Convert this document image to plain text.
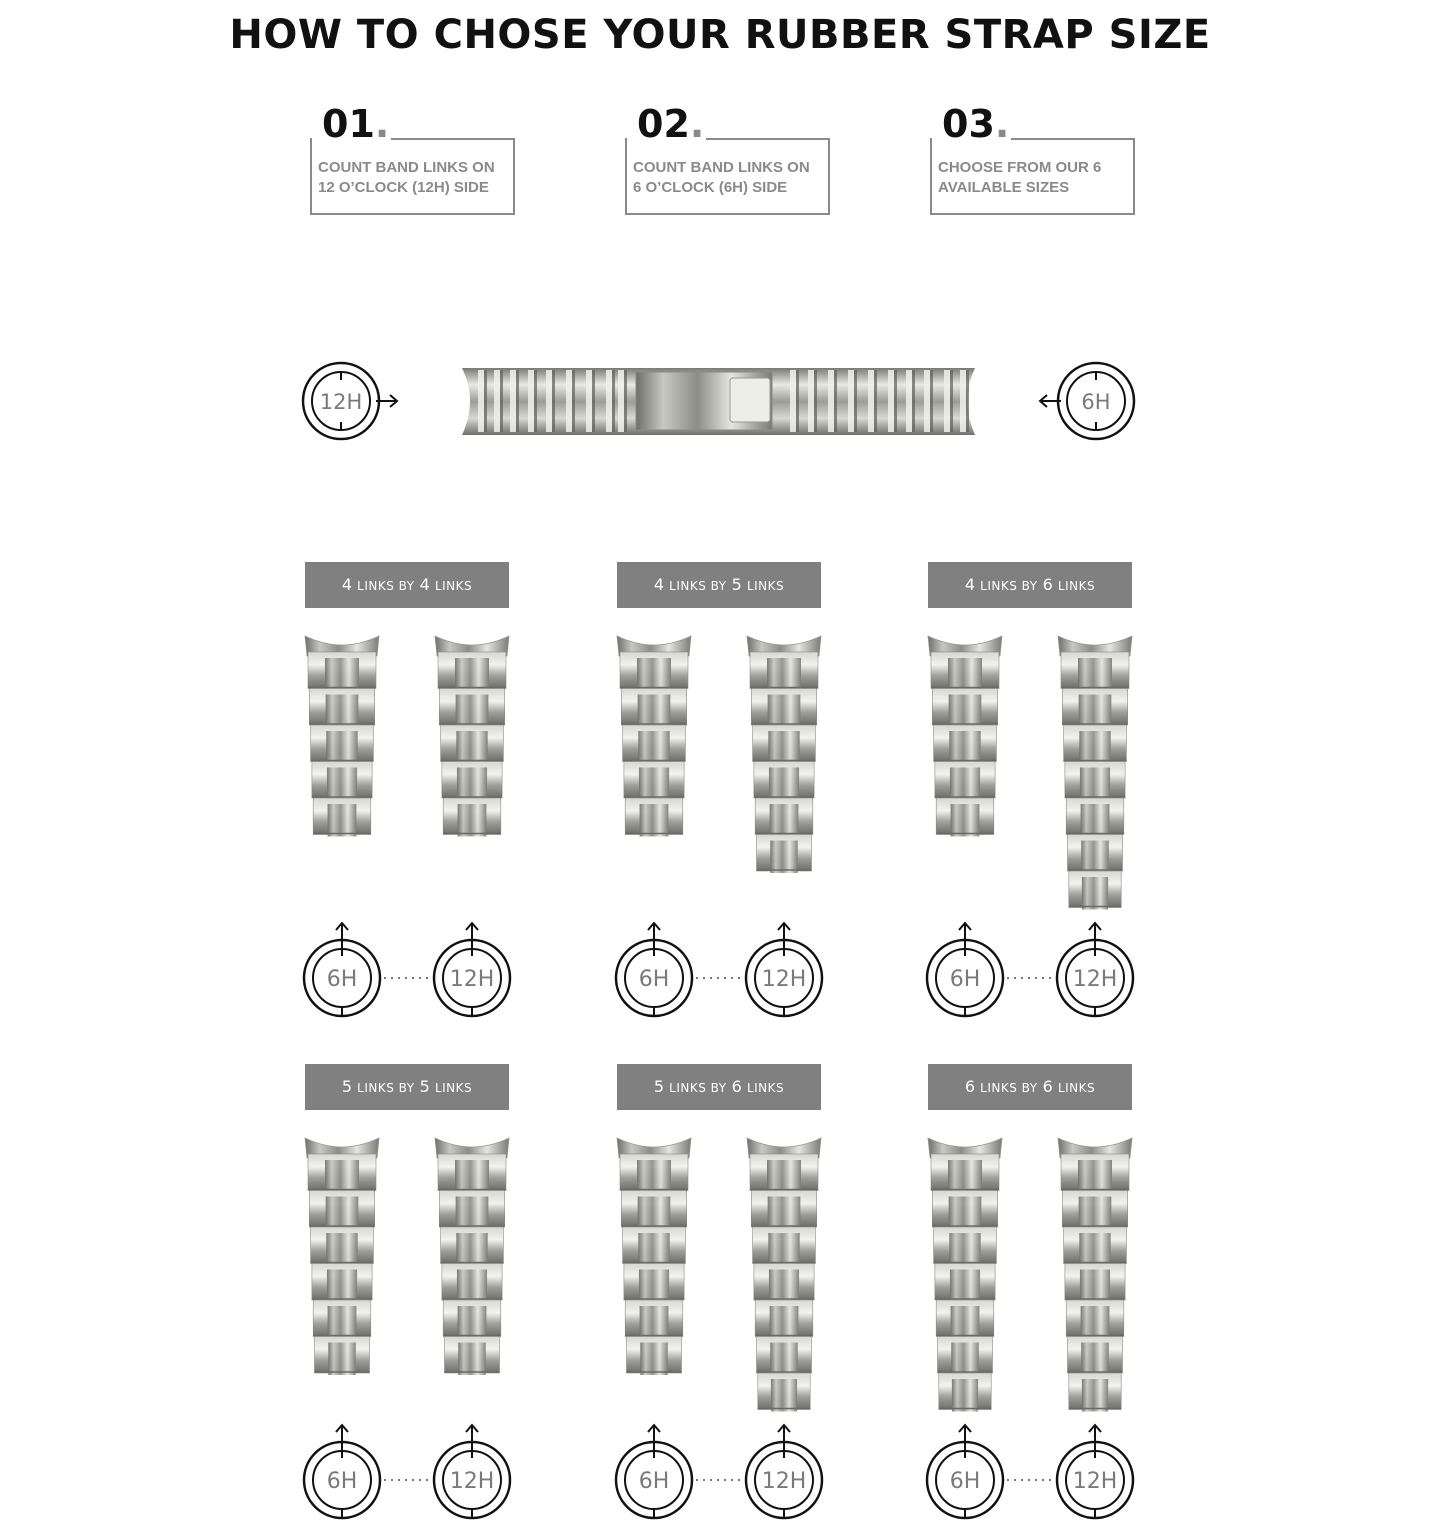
HOW TO CHOSE YOUR RUBBER STRAP SIZE
01.
COUNT BAND LINKS ON
12 O’CLOCK (12H) SIDE
02.
COUNT BAND LINKS ON
6 O’CLOCK (6H) SIDE
03.
CHOOSE FROM OUR 6
AVAILABLE SIZES
4 LINKS BY 4 LINKS	4 LINKS BY 5 LINKS	4 LINKS BY 6 LINKS
5 LINKS BY 5 LINKS	5 LINKS BY 6 LINKS	6 LINKS BY 6 LINKS
12H	6H
6H	12H	6H	12H	6H	12H
6H	12H	6H	12H	6H	12H
